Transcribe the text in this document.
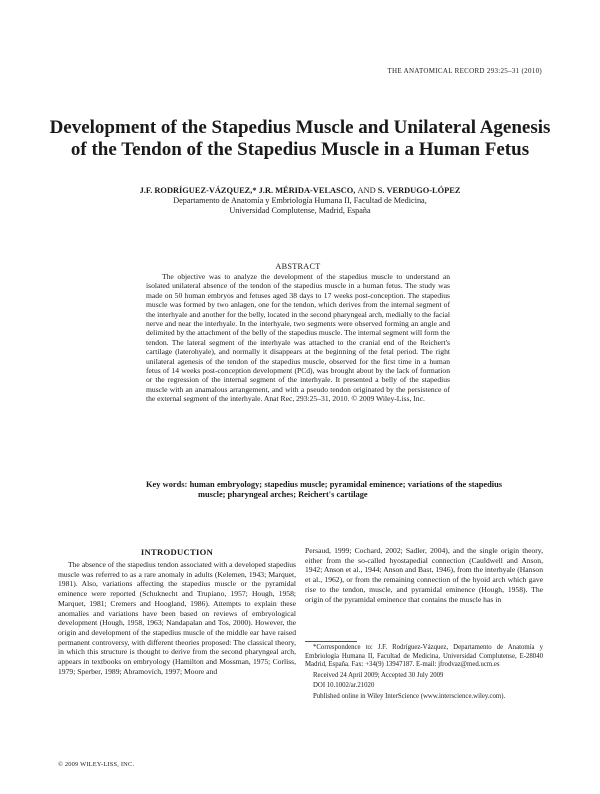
THE ANATOMICAL RECORD 293:25–31 (2010)
Development of the Stapedius Muscle and Unilateral Agenesis of the Tendon of the Stapedius Muscle in a Human Fetus
J.F. RODRÍGUEZ-VÁZQUEZ,* J.R. MÉRIDA-VELASCO, AND S. VERDUGO-LÓPEZ
Departamento de Anatomía y Embriología Humana II, Facultad de Medicina,
Universidad Complutense, Madrid, España
ABSTRACT
The objective was to analyze the development of the stapedius muscle to understand an isolated unilateral absence of the tendon of the stapedius muscle in a human fetus. The study was made on 50 human embryos and fetuses aged 38 days to 17 weeks post-conception. The stapedius muscle was formed by two anlagen, one for the tendon, which derives from the internal segment of the interhyale and another for the belly, located in the second pharyngeal arch, medially to the facial nerve and near the interhyale. In the interhyale, two segments were observed forming an angle and delimited by the attachment of the belly of the stapedius muscle. The internal segment will form the tendon. The lateral segment of the interhyale was attached to the cranial end of the Reichert's cartilage (laterohyale), and normally it disappears at the beginning of the fetal period. The right unilateral agenesis of the tendon of the stapedius muscle, observed for the first time in a human fetus of 14 weeks post-conception development (PCd), was brought about by the lack of formation or the regression of the internal segment of the interhyale. It presented a belly of the stapedius muscle with an anamalous arrangement, and with a pseudo tendon originated by the persistence of the external segment of the interhyale. Anat Rec, 293:25–31, 2010. © 2009 Wiley-Liss, Inc.
Key words: human embryology; stapedius muscle; pyramidal eminence; variations of the stapedius muscle; pharyngeal arches; Reichert's cartilage
INTRODUCTION
The absence of the stapedius tendon associated with a developed stapedius muscle was referred to as a rare anomaly in adults (Kelemen, 1943; Marquet, 1981). Also, variations affecting the stapedius muscle or the pyramidal eminence were reported (Schuknecht and Trupiano, 1957; Hough, 1958; Marquet, 1981; Cremers and Hoogland, 1986). Attempts to explain these anomalies and variations have been based on reviews of embryological development (Hough, 1958, 1963; Nandapalan and Tos, 2000). However, the origin and development of the stapedius muscle of the middle ear have raised permanent controversy, with different theories proposed: The classical theory, in which this structure is thought to derive from the second pharyngeal arch, appears in textbooks on embryology (Hamilton and Mossman, 1975; Corliss, 1979; Sperber, 1989; Abramovich, 1997; Moore and
Persaud, 1999; Cochard, 2002; Sadler, 2004), and the single origin theory, either from the so-called hyostapedial connection (Cauldwell and Anson, 1942; Anson et al., 1944; Anson and Bast, 1946), from the interhyale (Hanson et al., 1962), or from the remaining connection of the hyoid arch which gave rise to the tendon, muscle, and pyramidal eminence (Hough, 1958). The origin of the pyramidal eminence that contains the muscle has in

*Correspondence to: J.F. Rodríguez-Vázquez, Departamento de Anatomía y Embriología Humana II, Facultad de Medicina, Universidad Complutense, E-28040 Madrid, España. Fax: +34(9) 13947187. E-mail: jfrodvaz@med.ucm.es

Received 24 April 2009; Accepted 30 July 2009

DOI 10.1002/ar.21020

Published online in Wiley InterScience (www.interscience.wiley.com).

© 2009 WILEY-LISS, INC.
